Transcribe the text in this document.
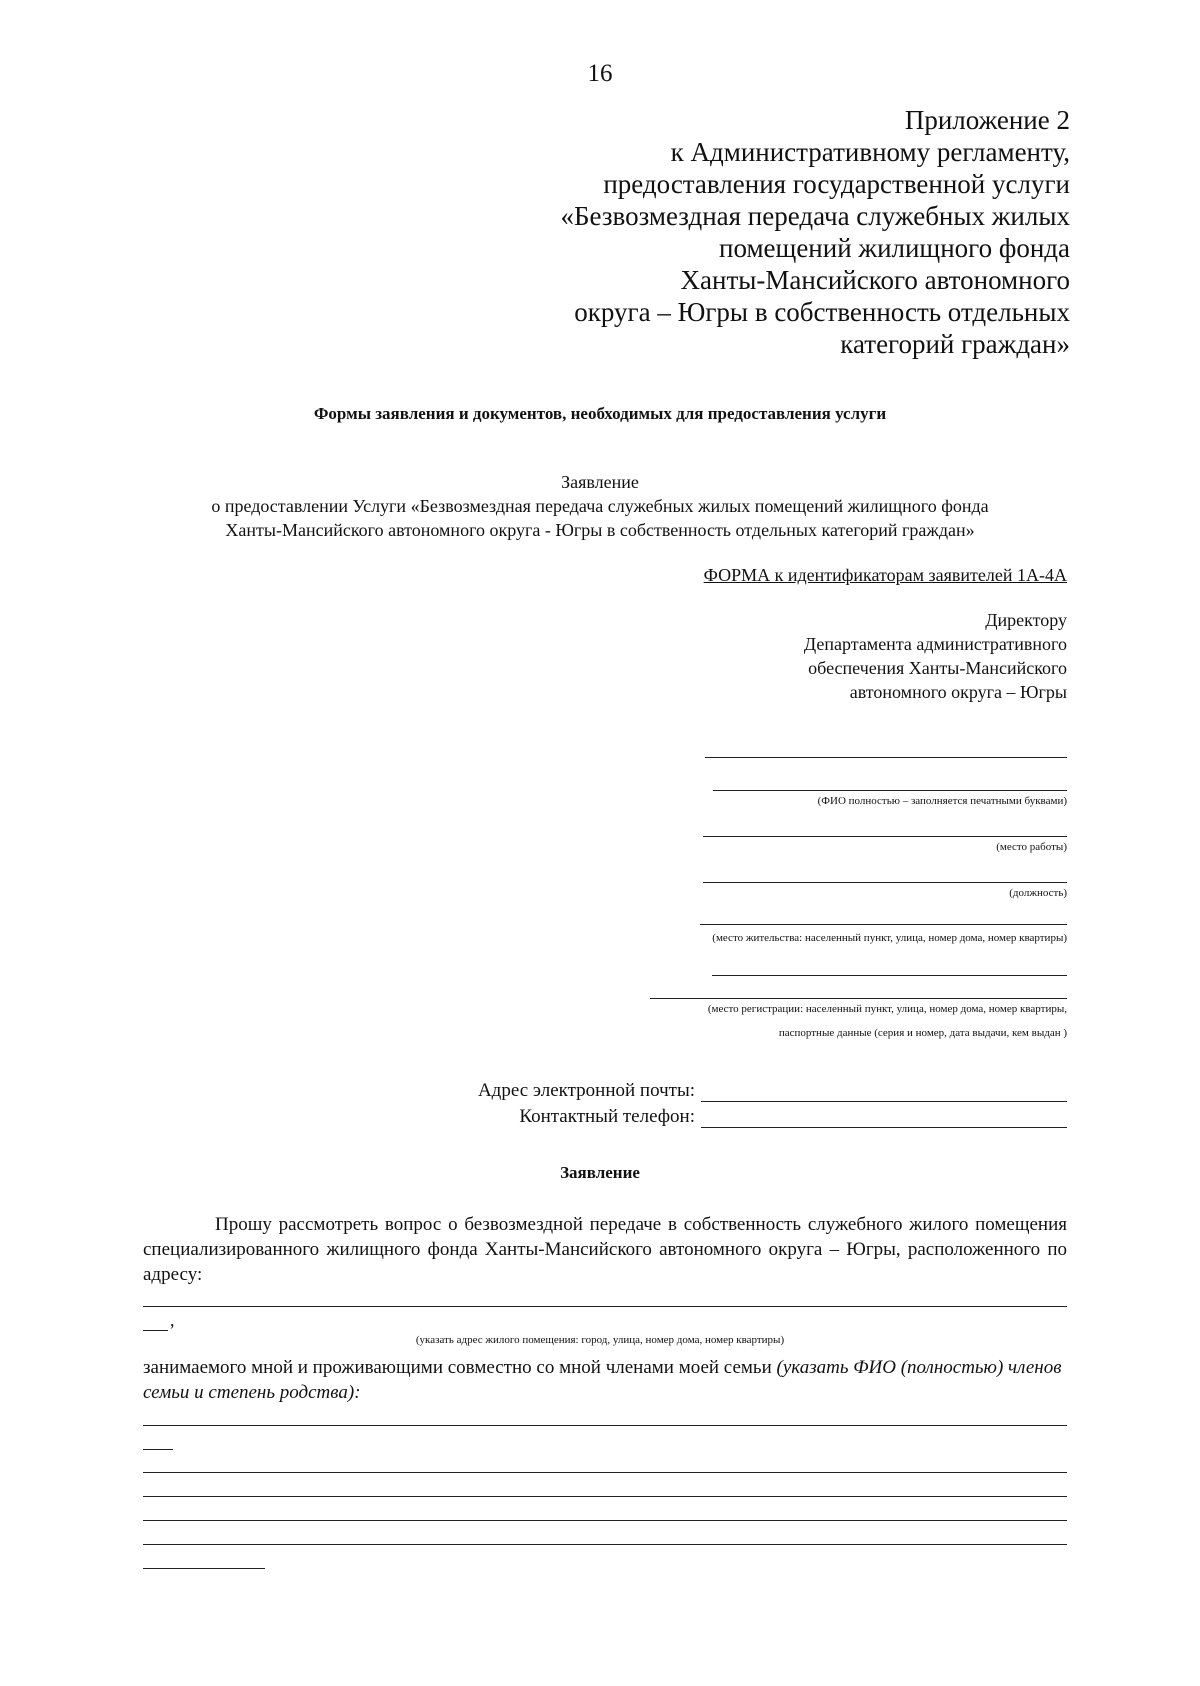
16
Приложение 2
к Административному регламенту,
предоставления государственной услуги
«Безвозмездная передача служебных жилых
помещений жилищного фонда
Ханты-Мансийского автономного
округа – Югры в собственность отдельных
категорий граждан»
Формы заявления и документов, необходимых для предоставления услуги
Заявление
о предоставлении Услуги «Безвозмездная передача служебных жилых помещений жилищного фонда
Ханты-Мансийского автономного округа - Югры в собственность отдельных категорий граждан»
ФОРМА к идентификаторам заявителей 1А-4А
Директору
Департамента административного
обеспечения Ханты-Мансийского
автономного округа – Югры
(ФИО полностью – заполняется печатными буквами)
(место работы)
(должность)
(место жительства: населенный пункт, улица, номер дома, номер квартиры)
(место регистрации: населенный пункт, улица, номер дома, номер квартиры,
паспортные данные (серия и номер, дата выдачи, кем выдан )
Адрес электронной почты:
Контактный телефон:
Заявление
Прошу рассмотреть вопрос о безвозмездной передаче в собственность служебного жилого помещения специализированного жилищного фонда Ханты-Мансийского автономного округа – Югры, расположенного по адресу:
,
(указать адрес жилого помещения: город, улица, номер дома, номер квартиры)
занимаемого мной и проживающими совместно со мной членами моей семьи (указать ФИО (полностью) членов семьи и степень родства):
